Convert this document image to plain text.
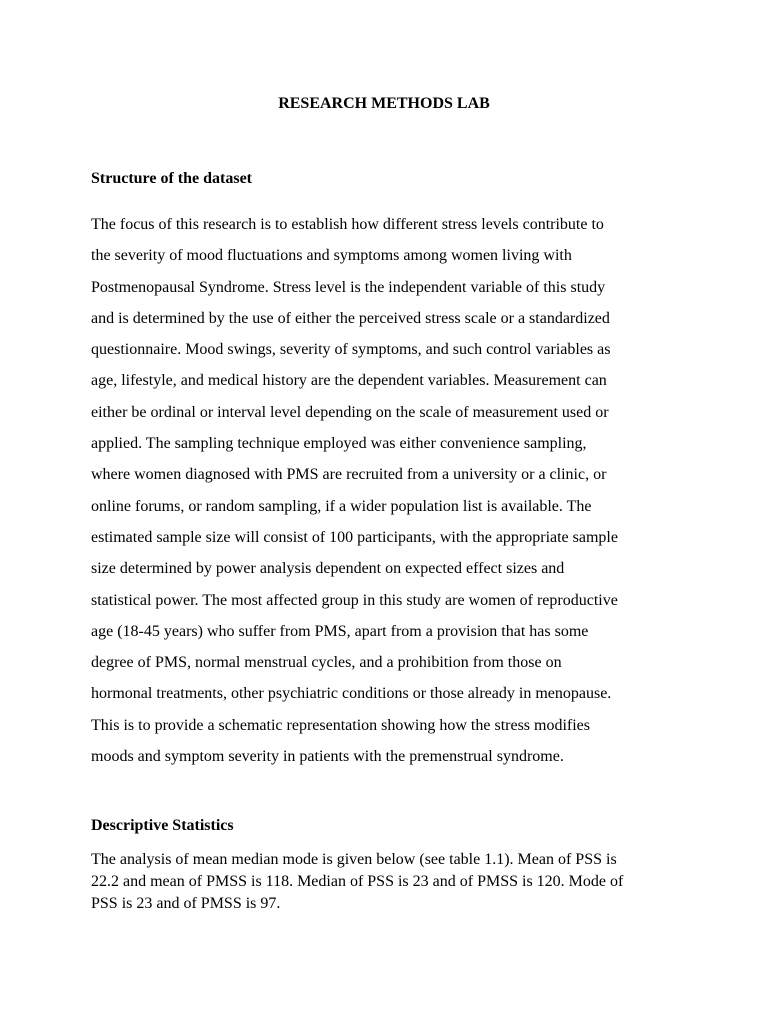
RESEARCH METHODS LAB
Structure of the dataset

The focus of this research is to establish how different stress levels contribute to
the severity of mood fluctuations and symptoms among women living with
Postmenopausal Syndrome. Stress level is the independent variable of this study
and is determined by the use of either the perceived stress scale or a standardized
questionnaire. Mood swings, severity of symptoms, and such control variables as
age, lifestyle, and medical history are the dependent variables. Measurement can
either be ordinal or interval level depending on the scale of measurement used or
applied. The sampling technique employed was either convenience sampling,
where women diagnosed with PMS are recruited from a university or a clinic, or
online forums, or random sampling, if a wider population list is available. The
estimated sample size will consist of 100 participants, with the appropriate sample
size determined by power analysis dependent on expected effect sizes and
statistical power. The most affected group in this study are women of reproductive
age (18-45 years) who suffer from PMS, apart from a provision that has some
degree of PMS, normal menstrual cycles, and a prohibition from those on
hormonal treatments, other psychiatric conditions or those already in menopause.
This is to provide a schematic representation showing how the stress modifies
moods and symptom severity in patients with the premenstrual syndrome.

Descriptive Statistics

The analysis of mean median mode is given below (see table 1.1). Mean of PSS is
22.2 and mean of PMSS is 118. Median of PSS is 23 and of PMSS is 120. Mode of
PSS is 23 and of PMSS is 97.
